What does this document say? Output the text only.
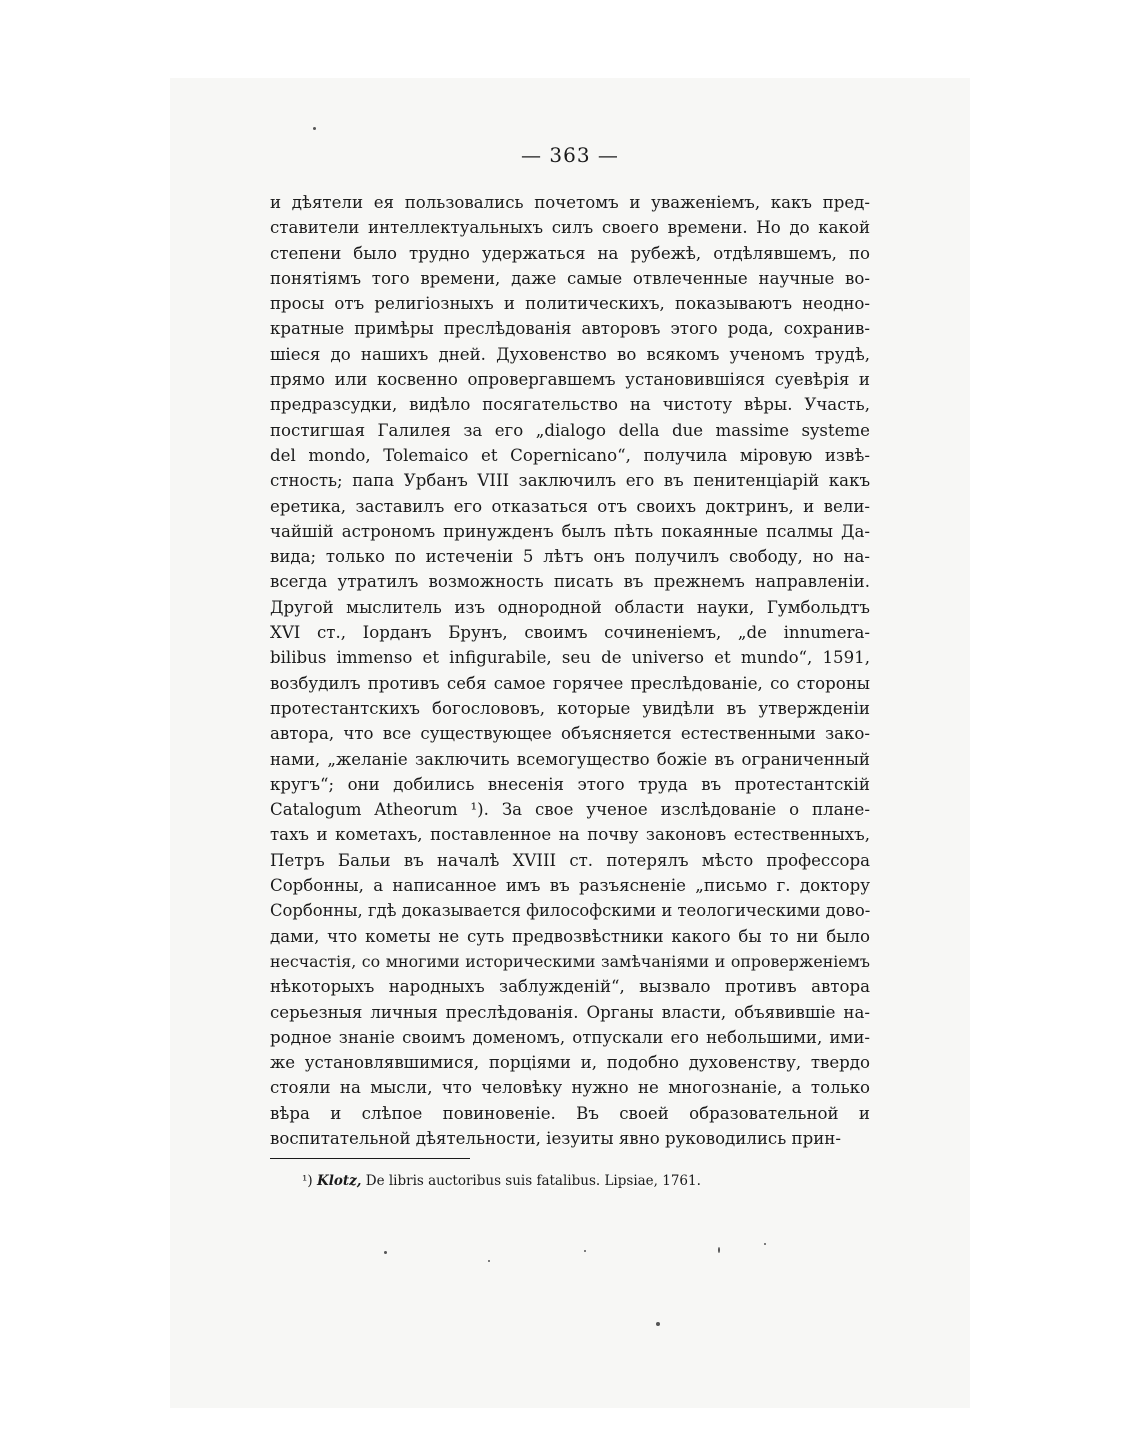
— 363 —
и дѣятели ея пользовались почетомъ и уваженіемъ, какъ пред-
ставители интеллектуальныхъ силъ своего времени. Но до какой
степени было трудно удержаться на рубежѣ, отдѣлявшемъ, по
понятіямъ того времени, даже самые отвлеченные научные во-
просы отъ религіозныхъ и политическихъ, показываютъ неодно-
кратные примѣры преслѣдованія авторовъ этого рода, сохранив-
шіеся до нашихъ дней. Духовенство во всякомъ ученомъ трудѣ,
прямо или косвенно опровергавшемъ установившіяся суевѣрія и
предразсудки, видѣло посягательство на чистоту вѣры. Участь,
постигшая Галилея за его „dialogo della due massime systeme
del mondo, Tolemaico et Copernicano“, получила міровую извѣ-
стность; папа Урбанъ VIII заключилъ его въ пенитенціарій какъ
еретика, заставилъ его отказаться отъ своихъ доктринъ, и вели-
чайшій астрономъ принужденъ былъ пѣть покаянные псалмы Да-
вида; только по истеченіи 5 лѣтъ онъ получилъ свободу, но на-
всегда утратилъ возможность писать въ прежнемъ направленіи.
Другой мыслитель изъ однородной области науки, Гумбольдтъ
XVI ст., Іорданъ Брунъ, своимъ сочиненіемъ, „de innumera-
bilibus immenso et infigurabile, seu de universo et mundo“, 1591,
возбудилъ противъ себя самое горячее преслѣдованіе, со стороны
протестантскихъ богослововъ, которые увидѣли въ утвержденіи
автора, что все существующее объясняется естественными зако-
нами, „желаніе заключить всемогущество божіе въ ограниченный
кругъ“; они добились внесенія этого труда въ протестантскій
Catalogum Atheorum ¹). За свое ученое изслѣдованіе о плане-
тахъ и кометахъ, поставленное на почву законовъ естественныхъ,
Петръ Бальи въ началѣ XVIII ст. потерялъ мѣсто профессора
Сорбонны, а написанное имъ въ разъясненіе „письмо г. доктору
Сорбонны, гдѣ доказывается философскими и теологическими дово-
дами, что кометы не суть предвозвѣстники какого бы то ни было
несчастія, со многими историческими замѣчаніями и опроверженіемъ
нѣкоторыхъ народныхъ заблужденій“, вызвало противъ автора
серьезныя личныя преслѣдованія. Органы власти, объявившіе на-
родное знаніе своимъ доменомъ, отпускали его небольшими, ими-
же установлявшимися, порціями и, подобно духовенству, твердо
стояли на мысли, что человѣку нужно не многознаніе, а только
вѣра и слѣпое повиновеніе. Въ своей образовательной и
воспитательной дѣятельности, іезуиты явно руководились прин-
¹) Klotz, De libris auctoribus suis fatalibus. Lipsiae, 1761.
